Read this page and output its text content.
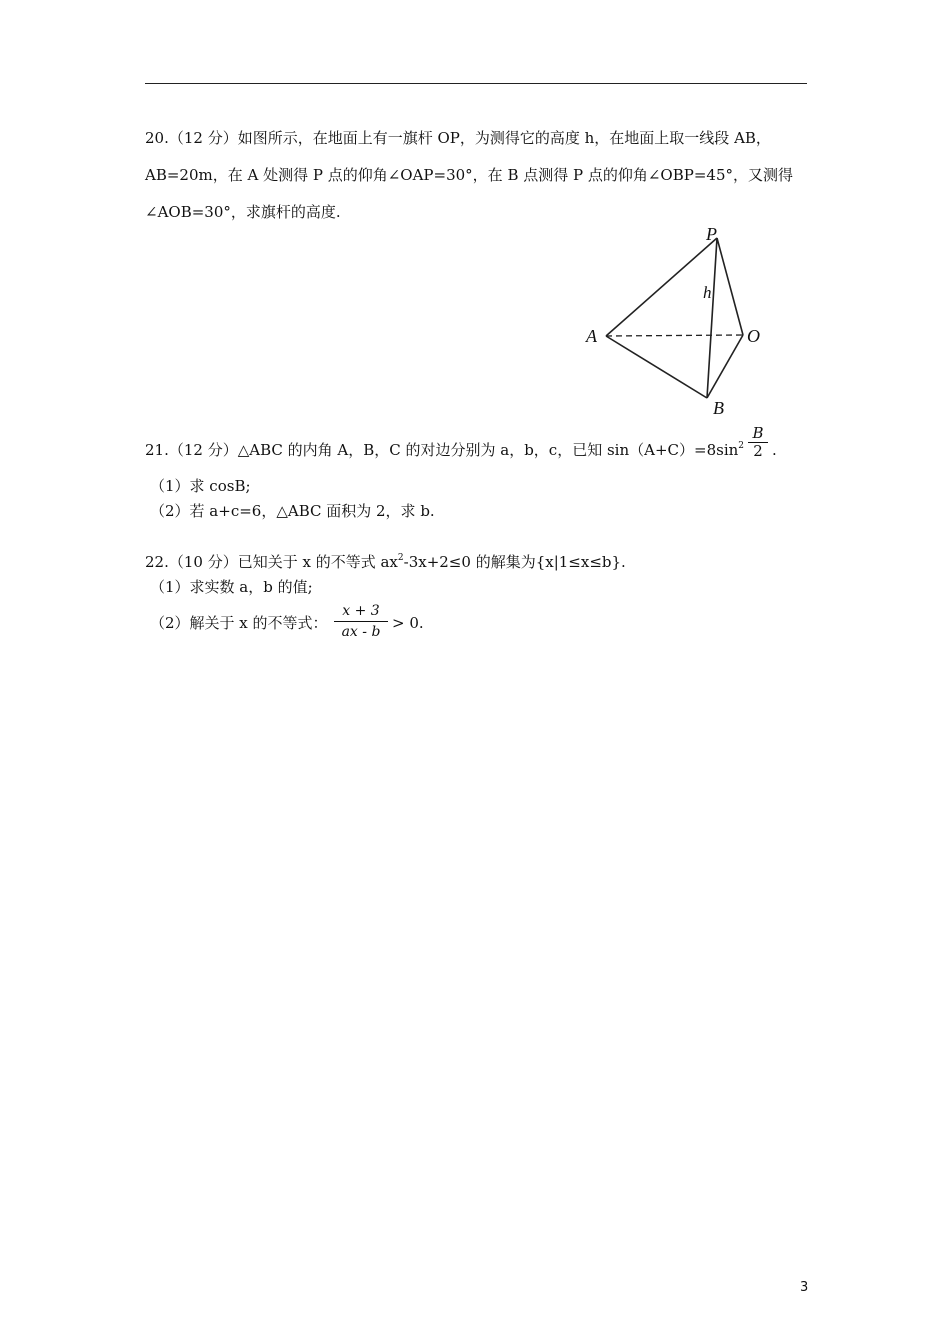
20.（12 分）如图所示，在地面上有一旗杆 OP，为测得它的高度 h，在地面上取一线段 AB，
AB=20m，在 A 处测得 P 点的仰角∠OAP=30°，在 B 点测得 P 点的仰角∠OBP=45°，又测得
∠AOB=30°，求旗杆的高度.
P
A	O
B
h
21.（12 分）△ABC 的内角 A，B，C 的对边分别为 a，b，c，已知 $\sin(A+C)=8\sin^2 \frac{B}{2}$ .
（1）求 cosB;
（2）若 a+c=6，△ABC 面积为 2，求 b.
22.（10 分）已知关于 x 的不等式 $ax^2-3x+2\le 0$ 的解集为{x|1≤x≤b}.
（1）求实数 a，b 的值;
（2）解关于 x 的不等式： $\frac{x + 3}{ax - b} > 0$.
3
